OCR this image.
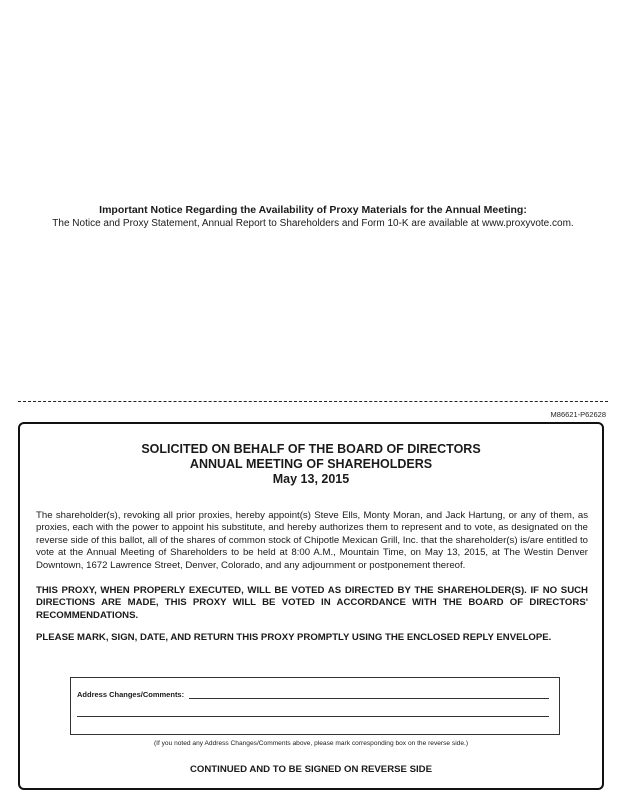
Important Notice Regarding the Availability of Proxy Materials for the Annual Meeting:
The Notice and Proxy Statement, Annual Report to Shareholders and Form 10-K are available at www.proxyvote.com.
M86621-P62628
SOLICITED ON BEHALF OF THE BOARD OF DIRECTORS
ANNUAL MEETING OF SHAREHOLDERS
May 13, 2015
The shareholder(s), revoking all prior proxies, hereby appoint(s) Steve Ells, Monty Moran, and Jack Hartung, or any of them, as proxies, each with the power to appoint his substitute, and hereby authorizes them to represent and to vote, as designated on the reverse side of this ballot, all of the shares of common stock of Chipotle Mexican Grill, Inc. that the shareholder(s) is/are entitled to vote at the Annual Meeting of Shareholders to be held at 8:00 A.M., Mountain Time, on May 13, 2015, at The Westin Denver Downtown, 1672 Lawrence Street, Denver, Colorado, and any adjournment or postponement thereof.
THIS PROXY, WHEN PROPERLY EXECUTED, WILL BE VOTED AS DIRECTED BY THE SHAREHOLDER(S). IF NO SUCH DIRECTIONS ARE MADE, THIS PROXY WILL BE VOTED IN ACCORDANCE WITH THE BOARD OF DIRECTORS' RECOMMENDATIONS.
PLEASE MARK, SIGN, DATE, AND RETURN THIS PROXY PROMPTLY USING THE ENCLOSED REPLY ENVELOPE.
Address Changes/Comments:
(If you noted any Address Changes/Comments above, please mark corresponding box on the reverse side.)
CONTINUED AND TO BE SIGNED ON REVERSE SIDE
